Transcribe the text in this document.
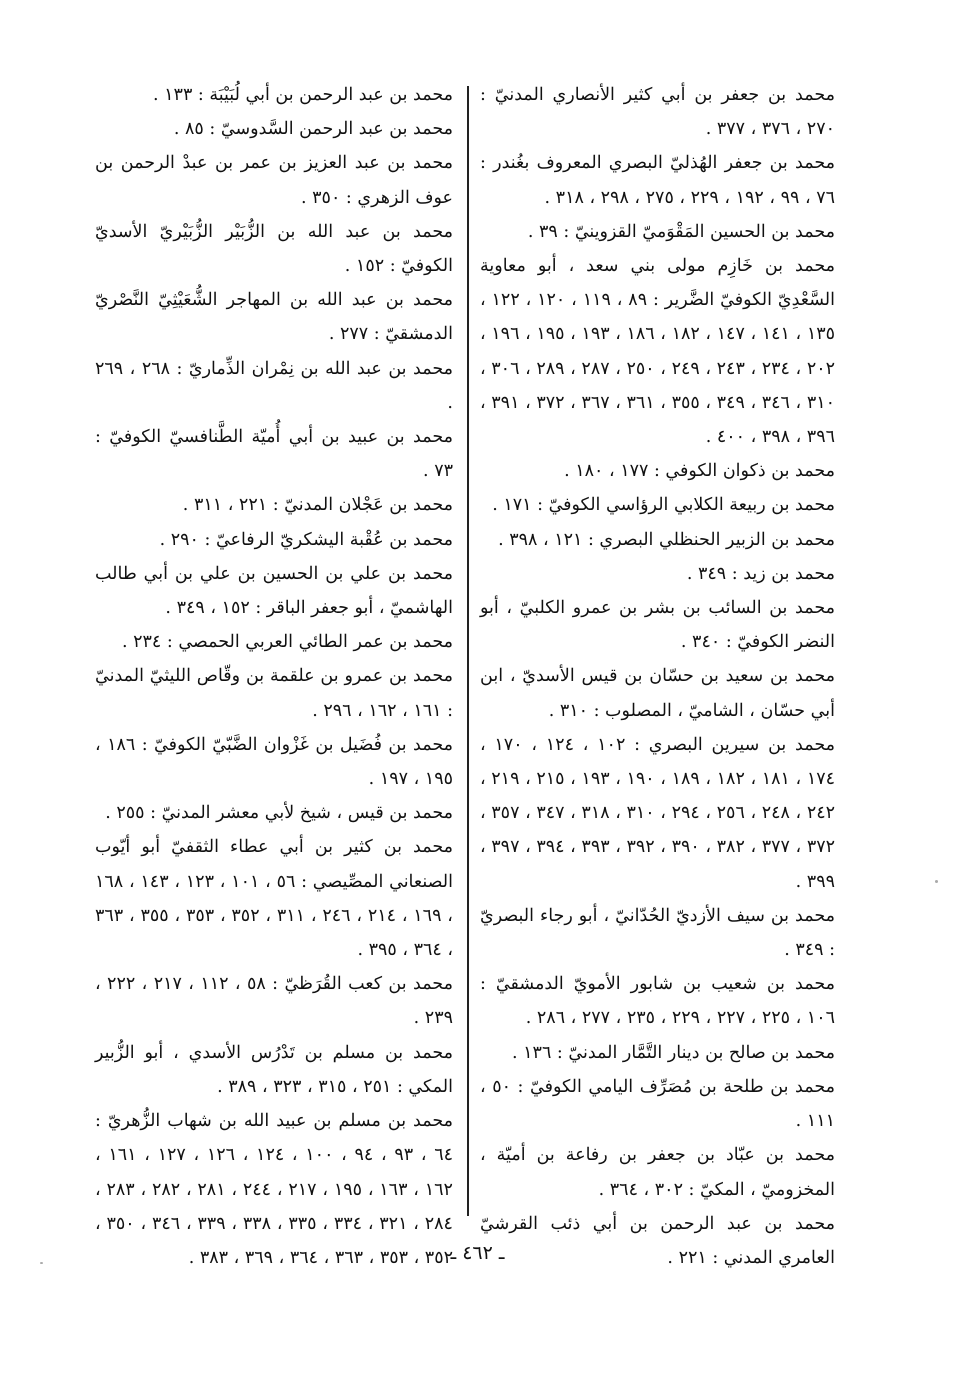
محمد بن جعفر بن أبي كثير الأنصاري المدنيّ : ٢٧٠ ، ٣٧٦ ، ٣٧٧ .

محمد بن جعفر الهُذليّ البصري المعروف بغُندر : ٧٦ ، ٩٩ ، ١٩٢ ، ٢٢٩ ، ٢٧٥ ، ٢٩٨ ، ٣١٨ .

محمد بن الحسين المَقْوَميّ القزوينيّ : ٣٩ .

محمد بن خَازِم مولى بني سعد ، أبو معاوية السَّعْدِيّ الكوفيّ الضَّرير : ٨٩ ، ١١٩ ، ١٢٠ ، ١٢٢ ، ١٣٥ ، ١٤١ ، ١٤٧ ، ١٨٢ ، ١٨٦ ، ١٩٣ ، ١٩٥ ، ١٩٦ ، ٢٠٢ ، ٢٣٤ ، ٢٤٣ ، ٢٤٩ ، ٢٥٠ ، ٢٨٧ ، ٢٨٩ ، ٣٠٦ ، ٣١٠ ، ٣٤٦ ، ٣٤٩ ، ٣٥٥ ، ٣٦١ ، ٣٦٧ ، ٣٧٢ ، ٣٩١ ، ٣٩٦ ، ٣٩٨ ، ٤٠٠ .

محمد بن ذكوان الكوفي : ١٧٧ ، ١٨٠ .

محمد بن ربيعة الكلابي الرؤاسي الكوفيّ : ١٧١ .

محمد بن الزبير الحنظلي البصري : ١٢١ ، ٣٩٨ .

محمد بن زيد : ٣٤٩ .

محمد بن السائب بن بشر بن عمرو الكلبيّ ، أبو النضر الكوفيّ : ٣٤٠ .

محمد بن سعيد بن حسّان بن قيس الأسديّ ، ابن أبي حسّان ، الشاميّ ، المصلوب : ٣١٠ .

محمد بن سيرين البصري : ١٠٢ ، ١٢٤ ، ١٧٠ ، ١٧٤ ، ١٨١ ، ١٨٢ ، ١٨٩ ، ١٩٠ ، ١٩٣ ، ٢١٥ ، ٢١٩ ، ٢٤٢ ، ٢٤٨ ، ٢٥٦ ، ٢٩٤ ، ٣١٠ ، ٣١٨ ، ٣٤٧ ، ٣٥٧ ، ٣٧٢ ، ٣٧٧ ، ٣٨٢ ، ٣٩٠ ، ٣٩٢ ، ٣٩٣ ، ٣٩٤ ، ٣٩٧ ، ٣٩٩ .

محمد بن سيف الأزديّ الحُدّانيّ ، أبو رجاء البصريّ : ٣٤٩ .

محمد بن شعيب بن شابور الأمويّ الدمشقيّ : ١٠٦ ، ٢٢٥ ، ٢٢٧ ، ٢٢٩ ، ٢٣٥ ، ٢٧٧ ، ٢٨٦ .

محمد بن صالح بن دينار التَّمَّار المدنيّ : ١٣٦ .

محمد بن طلحة بن مُصَرِّف اليامي الكوفيّ : ٥٠ ، ١١١ .

محمد بن عبّاد بن جعفر بن رفاعة بن أميّة ، المخزوميّ ، المكيّ : ٣٠٢ ، ٣٦٤ .

محمد بن عبد الرحمن بن أبي ذئب القرشيّ العامري المدني : ٢٢١ .

محمد بن عبد الرحمن بن أبي لُبَيْبَة : ١٣٣ .

محمد بن عبد الرحمن السَّدوسيّ : ٨٥ .

محمد بن عبد العزيز بن عمر بن عبدْ الرحمن بن عوف الزهري : ٣٥٠ .

محمد بن عبد الله بن الزُّبَيْر الزُّبَيْريّ الأسديّ الكوفيّ : ١٥٢ .

محمد بن عبد الله بن المهاجر الشُّعَيْثِيّ النَّصْريّ الدمشقيّ : ٢٧٧ .

محمد بن عبد الله بن نِمْران الذِّماريّ : ٢٦٨ ، ٢٦٩ .

محمد بن عبيد بن أبي أُميّة الطَّنافسيّ الكوفيّ : ٧٣ .

محمد بن عَجْلان المدنيّ : ٢٢١ ، ٣١١ .

محمد بن عُقْبة اليشكريّ الرفاعيّ : ٢٩٠ .

محمد بن علي بن الحسين بن علي بن أبي طالب الهاشميّ ، أبو جعفر الباقر : ١٥٢ ، ٣٤٩ .

محمد بن عمر الطائي العربي الحمصي : ٢٣٤ .

محمد بن عمرو بن علقمة بن وقّاص الليثيّ المدنيّ : ١٦١ ، ١٦٢ ، ٢٩٦ .

محمد بن فُضَيل بن غَزْوان الضَّبّيّ الكوفيّ : ١٨٦ ، ١٩٥ ، ١٩٧ .

محمد بن قيس ، شيخ لأبي معشر المدنيّ : ٢٥٥ .

محمد بن كثير بن أبي عطاء الثقفيّ أبو أيّوب الصنعاني المصِّيصي : ٥٦ ، ١٠١ ، ١٢٣ ، ١٤٣ ، ١٦٨ ، ١٦٩ ، ٢١٤ ، ٢٤٦ ، ٣١١ ، ٣٥٢ ، ٣٥٣ ، ٣٥٥ ، ٣٦٣ ، ٣٦٤ ، ٣٩٥ .

محمد بن كعب القُرَظيّ : ٥٨ ، ١١٢ ، ٢١٧ ، ٢٢٢ ، ٢٣٩ .

محمد بن مسلم بن تَدْرُس الأسدي ، أبو الزُّبير المكي : ٢٥١ ، ٣١٥ ، ٣٢٣ ، ٣٨٩ .

محمد بن مسلم بن عبيد الله بن شهاب الزُّهريّ : ٦٤ ، ٩٣ ، ٩٤ ، ١٠٠ ، ١٢٤ ، ١٢٦ ، ١٢٧ ، ١٦١ ، ١٦٢ ، ١٦٣ ، ١٩٥ ، ٢١٧ ، ٢٤٤ ، ٢٨١ ، ٢٨٢ ، ٢٨٣ ، ٢٨٤ ، ٣٢١ ، ٣٣٤ ، ٣٣٥ ، ٣٣٨ ، ٣٣٩ ، ٣٤٦ ، ٣٥٠ ، ٣٥٢ ، ٣٥٣ ، ٣٦٣ ، ٣٦٤ ، ٣٦٩ ، ٣٨٣ .

ـ ٤٦٢ ـ
